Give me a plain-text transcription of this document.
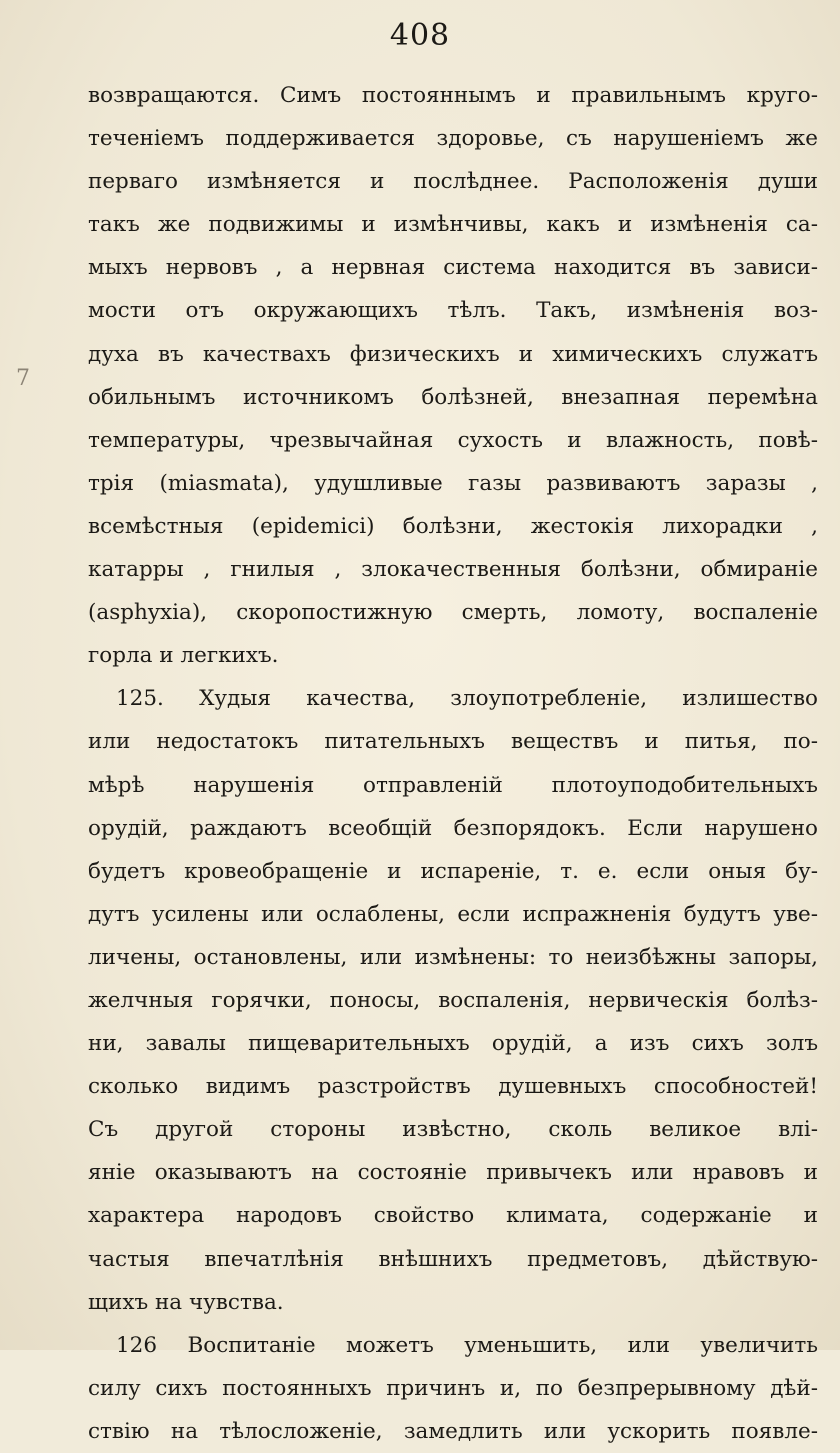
408
7
возвращаются. Симъ постояннымъ и правильнымъ круго-
теченіемъ поддерживается здоровье, съ нарушеніемъ же
перваго измѣняется и послѣднее. Расположенія души
такъ же подвижимы и измѣнчивы, какъ и измѣненія са-
мыхъ нервовъ , а нервная система находится въ зависи-
мости отъ окружающихъ тѣлъ. Такъ, измѣненія воз-
духа въ качествахъ физическихъ и химическихъ служатъ
обильнымъ источникомъ болѣзней, внезапная перемѣна
температуры, чрезвычайная сухость и влажность, повѣ-
трія (miasmata), удушливые газы развиваютъ заразы ,
всемѣстныя (epidemici) болѣзни, жестокія лихорадки ,
катарры , гнилыя , злокачественныя болѣзни, обмираніе
(asphyxia), скоропостижную смерть, ломоту, воспаленіе
горла и легкихъ.
125. Худыя качества, злоупотребленіе, излишество
или недостатокъ питательныхъ веществъ и питья, по-
мѣрѣ нарушенія отправленій плотоуподобительныхъ
орудій, раждаютъ всеобщій безпорядокъ. Если нарушено
будетъ кровеобращеніе и испареніе, т. е. если оныя бу-
дутъ усилены или ослаблены, если испражненія будутъ уве-
личены, остановлены, или измѣнены: то неизбѣжны запоры,
желчныя горячки, поносы, воспаленія, нервическія болѣз-
ни, завалы пищеварительныхъ орудій, а изъ сихъ золъ
сколько видимъ разстройствъ душевныхъ способностей!
Съ другой стороны извѣстно, сколь великое влі-
яніе оказываютъ на состояніе привычекъ или нравовъ и
характера народовъ свойство климата, содержаніе и
частыя впечатлѣнія внѣшнихъ предметовъ, дѣйствую-
щихъ на чувства.
126 Воспитаніе можетъ уменьшить, или увеличить
силу сихъ постоянныхъ причинъ и, по безпрерывному дѣй-
ствію на тѣлосложеніе, замедлить или ускорить появле-
